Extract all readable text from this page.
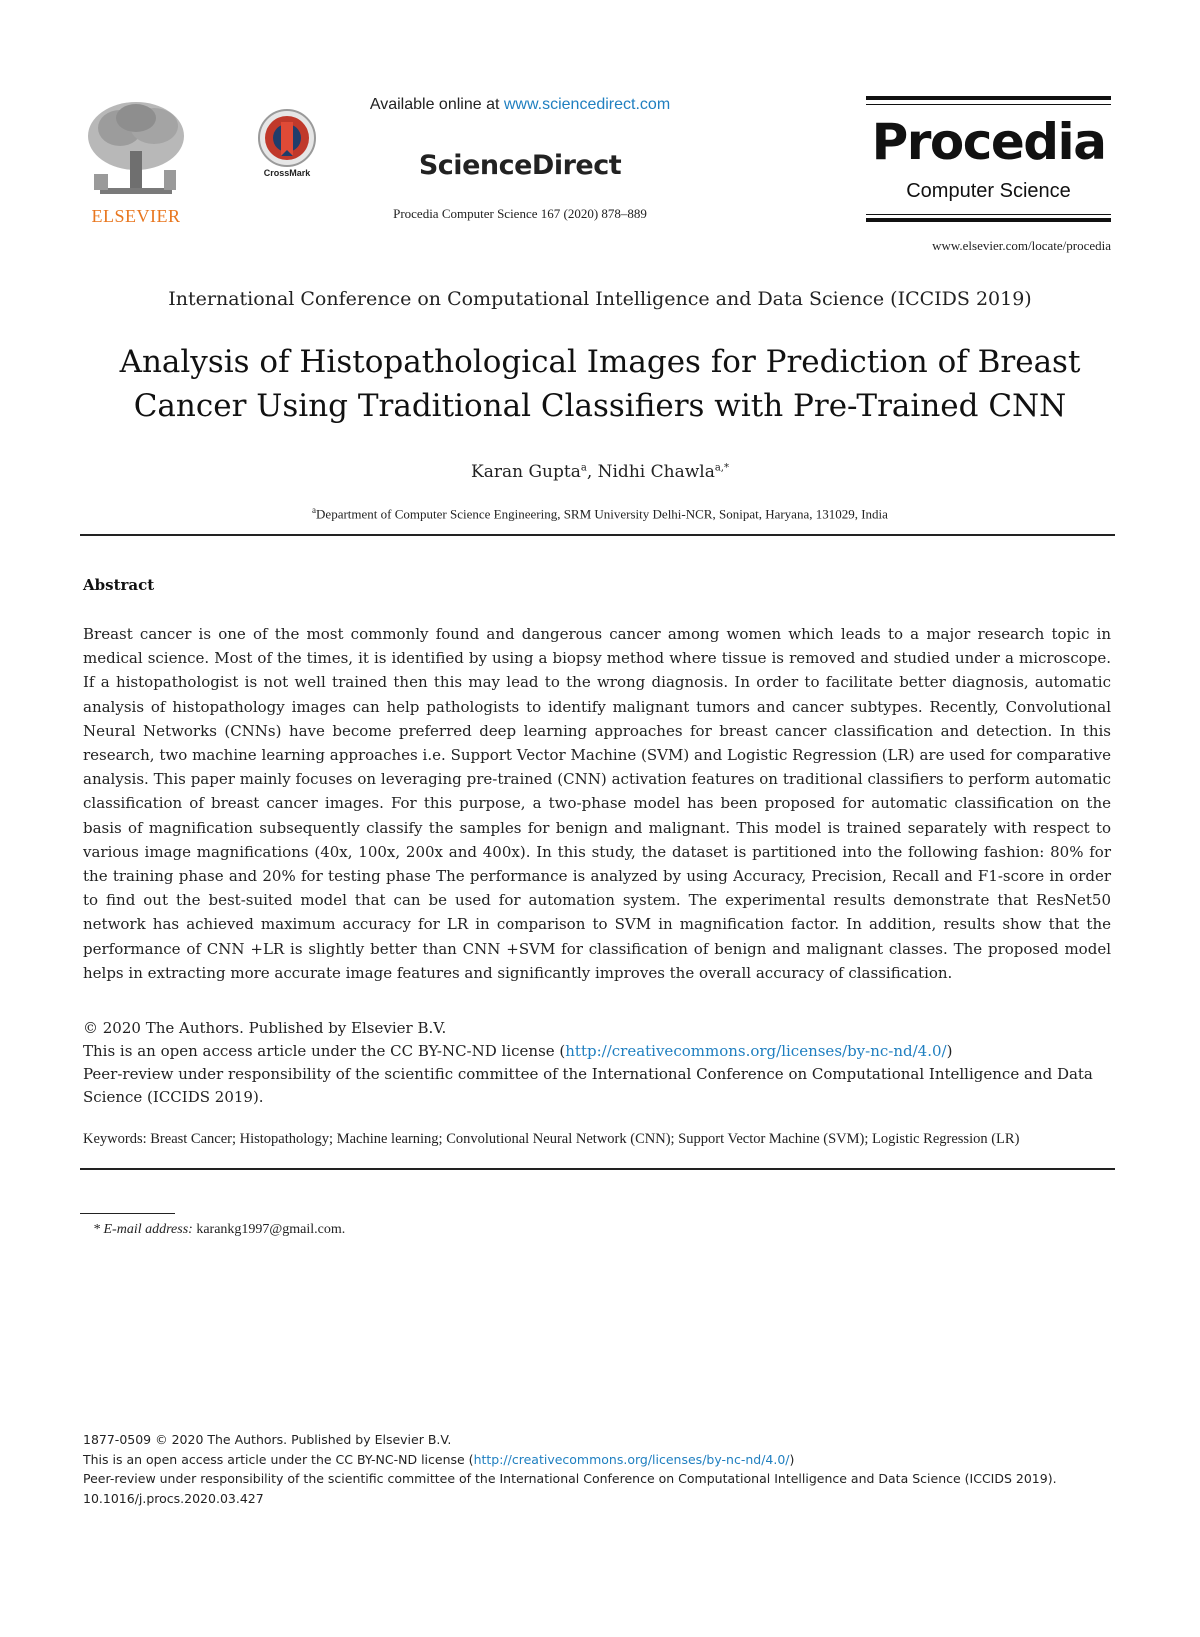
ELSEVIER
CrossMark
Available online at www.sciencedirect.com
ScienceDirect
Procedia Computer Science 167 (2020) 878–889
Procedia
Computer Science
www.elsevier.com/locate/procedia
International Conference on Computational Intelligence and Data Science (ICCIDS 2019)
Analysis of Histopathological Images for Prediction of Breast
Cancer Using Traditional Classifiers with Pre-Trained CNN
Karan Gupta$^a$, Nidhi Chawla$^{a,*}$
$^a$Department of Computer Science Engineering, SRM University Delhi-NCR, Sonipat, Haryana, 131029, India
Abstract
Breast cancer is one of the most commonly found and dangerous cancer among women which leads to a major research topic in medical science. Most of the times, it is identified by using a biopsy method where tissue is removed and studied under a microscope. If a histopathologist is not well trained then this may lead to the wrong diagnosis. In order to facilitate better diagnosis, automatic analysis of histopathology images can help pathologists to identify malignant tumors and cancer subtypes. Recently, Convolutional Neural Networks (CNNs) have become preferred deep learning approaches for breast cancer classification and detection. In this research, two machine learning approaches i.e. Support Vector Machine (SVM) and Logistic Regression (LR) are used for comparative analysis. This paper mainly focuses on leveraging pre-trained (CNN) activation features on traditional classifiers to perform automatic classification of breast cancer images. For this purpose, a two-phase model has been proposed for automatic classification on the basis of magnification subsequently classify the samples for benign and malignant. This model is trained separately with respect to various image magnifications (40x, 100x, 200x and 400x). In this study, the dataset is partitioned into the following fashion: 80% for the training phase and 20% for testing phase The performance is analyzed by using Accuracy, Precision, Recall and F1-score in order to find out the best-suited model that can be used for automation system. The experimental results demonstrate that ResNet50 network has achieved maximum accuracy for LR in comparison to SVM in magnification factor. In addition, results show that the performance of CNN +LR is slightly better than CNN +SVM for classification of benign and malignant classes. The proposed model helps in extracting more accurate image features and significantly improves the overall accuracy of classification.
© 2020 The Authors. Published by Elsevier B.V.
This is an open access article under the CC BY-NC-ND license (http://creativecommons.org/licenses/by-nc-nd/4.0/)
Peer-review under responsibility of the scientific committee of the International Conference on Computational Intelligence and Data Science (ICCIDS 2019).
Keywords: Breast Cancer; Histopathology; Machine learning; Convolutional Neural Network (CNN); Support Vector Machine (SVM); Logistic Regression (LR)
* E-mail address: karankg1997@gmail.com.
1877-0509 © 2020 The Authors. Published by Elsevier B.V.
This is an open access article under the CC BY-NC-ND license (http://creativecommons.org/licenses/by-nc-nd/4.0/)
Peer-review under responsibility of the scientific committee of the International Conference on Computational Intelligence and Data Science (ICCIDS 2019).
10.1016/j.procs.2020.03.427
